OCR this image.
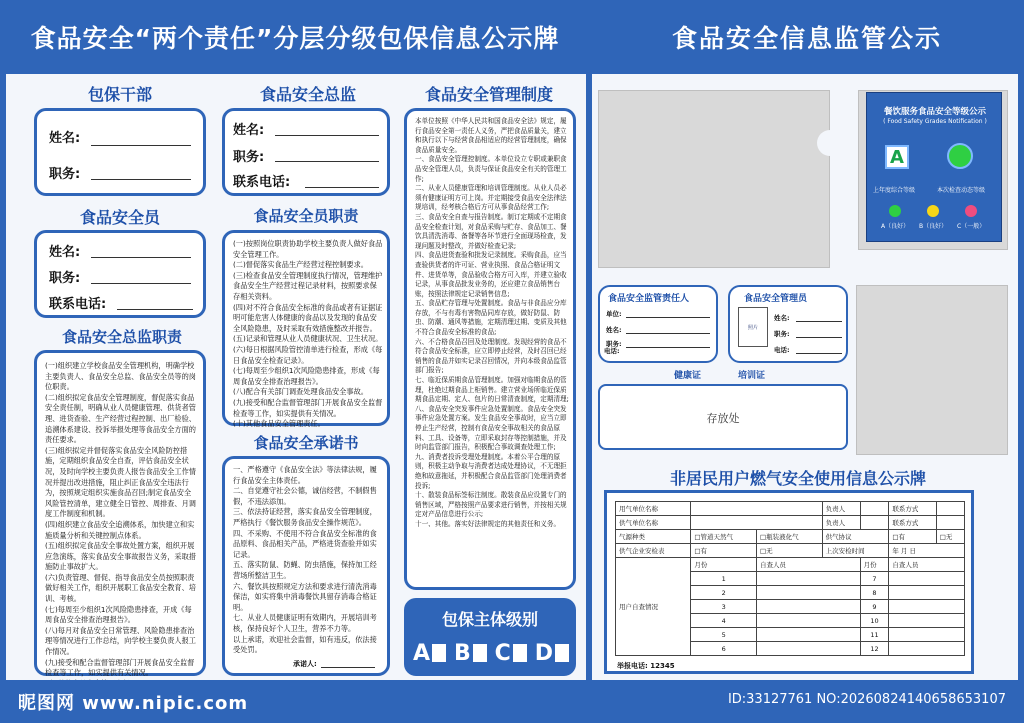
食品安全“两个责任”分层分级包保信息公示牌	食品安全信息监管公示
包保干部
姓名:
职务:
食品安全员
姓名:
职务:
联系电话:
食品安全总监职责

(一)组织建立学校食品安全管理机构，明确学校主要负责人、食品安全总监、食品安全员等的岗位职责。

(二)组织拟定食品安全管理制度，督促落实食品安全责任制，明确从业人员健康管理、供货者管理、进货查验、生产经营过程控制、出厂检验、追溯体系建设、投诉举报处理等食品安全方面的责任要求。

(三)组织拟定并督促落实食品安全风险防控措施，定期组织食品安全自查，评估食品安全状况，及时向学校主要负责人报告食品安全工作情况并提出改进措施，阻止纠正食品安全违法行为，按照规定组织实施食品召回;制定食品安全风险管控清单，建立健全日管控、周排查、月调度工作制度和机制。

(四)组织建立食品安全追溯体系，加快建立和实施质量分析和关键控制点体系。

(五)组织拟定食品安全事故处置方案，组织开展应急演练，落实食品安全事故报告义务，采取措施防止事故扩大。

(六)负责管理、督促、指导食品安全员按照职责做好相关工作，组织开展职工食品安全教育、培训、考核。

(七)每周至少组织1次风险隐患排查，开成《每周食品安全排查治理报告》。

(八)每月对食品安全日常管理、风险隐患排查治理等情况进行工作总结，向学校主要负责人报工作情况。

(九)接受和配合监督管理部门开展食品安全监督检查等工作，如实提供有关情况。

食品安全总监
姓名:
职务:
联系电话:
食品安全员职责

(一)按照岗位职责协助学校主要负责人做好食品安全管理工作。

(二)督促落实食品生产经营过程控制要求。

(三)检查食品安全管理制度执行情况，管理维护食品安全生产经营过程记录材料，按照要求保存相关资料。

(四)对不符合食品安全标准的食品或者有证据证明可能危害人体健康的食品以及发现的食品安全风险隐患，及时采取有效措施整改并报告。

(五)记录和管理从业人员健康状况、卫生状况。

(六)每日根据风险管控清单进行检查，形成《每日食品安全检查记录》。

(七)每周至少组织1次风险隐患排查，形成《每周食品安全排查治理报告》。

(八)配合有关部门调查处理食品安全事故。

(九)接受和配合监督管理部门开展食品安全监督检查等工作，如实提供有关情况。

(十)其他食品安全管理责任。

食品安全承诺书

一、严格遵守《食品安全法》等法律法规，履行食品安全主体责任。

二、自觉遵守社会公德，诚信经营，不制假售假，不违法添加。

三、依法持证经营，落实食品安全管理制度，严格执行《餐饮服务食品安全操作规范》。

四、不采购、不使用不符合食品安全标准的食品原料、食品相关产品，严格进货查验并如实记录。

五、落实防鼠、防蝇、防虫措施，保持加工经营场所整洁卫生。

六、餐饮具按照规定方法和要求进行清洗消毒保洁，如实将集中消毒餐饮具留存消毒合格证明。

七、从业人员健康证明有效期内，开展培训考核，保持良好个人卫生，营养不力等。

以上承诺，欢迎社会监督，如有违反，依法接受处罚。

承诺人:
食品安全管理制度

本单位按照《中华人民共和国食品安全法》规定，履行食品安全第一责任人义务，严把食品质量关，建立和执行以下与经营食品相适应的经营管理制度，确保食品质量安全。

一、食品安全管理控制度。本单位设立专职或兼职食品安全管理人员，负责与保证食品安全有关的管理工作;

二、从业人员健康管理和培训管理制度。从业人员必须有健康证明方可上岗。并定期接受食品安全法律法规培训，经考核合格后方可从事食品经营工作;

三、食品安全自查与报告制度。制订定期或不定期食品安全检查计划，对食品采购与贮存、食品加工、餐饮具清洗消毒、备餐等各环节进行全面现场检查，发现问题及时整改，并做好检查记录;

四、食品进货查验和批发记录制度。采购食品，应当查验供货者的许可证、营业执照、食品合格证明文件、进货单等，食品验收合格方可入库，并建立验收记录，从事食品批发业务的，还应建立食品销售台账，按照法律规定记录销售信息;

五、食品贮存管理与处置制度。食品与非食品应分库存放，不与有毒有害物品同库存放，做好防鼠、防虫、防潮、通风等措施，定期清理过期、变质及其他不符合食品安全标准的食品;

六、不合格食品召回及处理制度。发现经营的食品不符合食品安全标准，应立即停止经营，及时召回已经销售的食品并如实记录召回情况，并向本级食品监管部门报告;

七、临近保质期食品管理制度。加强对临期食品的管理，杜绝过期食品上柜销售。建立营业场所临近保质期食品定期、定人、包片的日常清查制度，定期清理;

八、食品安全突发事件应急处置制度。食品安全突发事件应急处置方案。发生食品安全事故时，应当立即停止生产经营，控制有食品安全事故相关的食品原料、工具、设备等，立即采取封存等控制措施，并及时向监管部门报告，积极配合事故调查处理工作;

九、消费者投诉受理处理制度。本着公平合理的原则，积极主动争取与消费者达成处理协议，不无理拒绝和故意拖延，并积极配合食品监管部门处理消费者投诉;

十、散装食品标签标注制度。散装食品应设置专门的销售区域，严格按照产品要求进行销售，并按相关规定对产品信息进行公示;

十一、其他。落实好法律规定的其他责任和义务。

包保主体级别
A B C D
餐饮服务食品安全等级公示
( Food Safety Grades Notification )
A
上年度综合等级	本次检查动态等级
A（良好） B（良好） C（一般）
食品安全监管责任人
单位:
姓名:
职务:
电话:
食品安全管理员
照片
姓名:
职务:
电话:
健康证	培训证
存放处
非居民用户燃气安全使用信息公示牌
用气单位名称			负责人		联系方式	
供气单位名称			负责人		联系方式	
气源种类	□管道天然气	□瓶装液化气	供气协议		□有	□无
供气企业安检表	□有	□无	上次安检时间		年 月 日	
用户自查情况	月份	自查人员		月份	自查人员	
	1			7		
	2			8		
	3			9		
	4			10		
	5			11		
	6			12		
举报电话: 12345
昵图网 www.nipic.com	ID:33127761 NO:20260824140658653107
